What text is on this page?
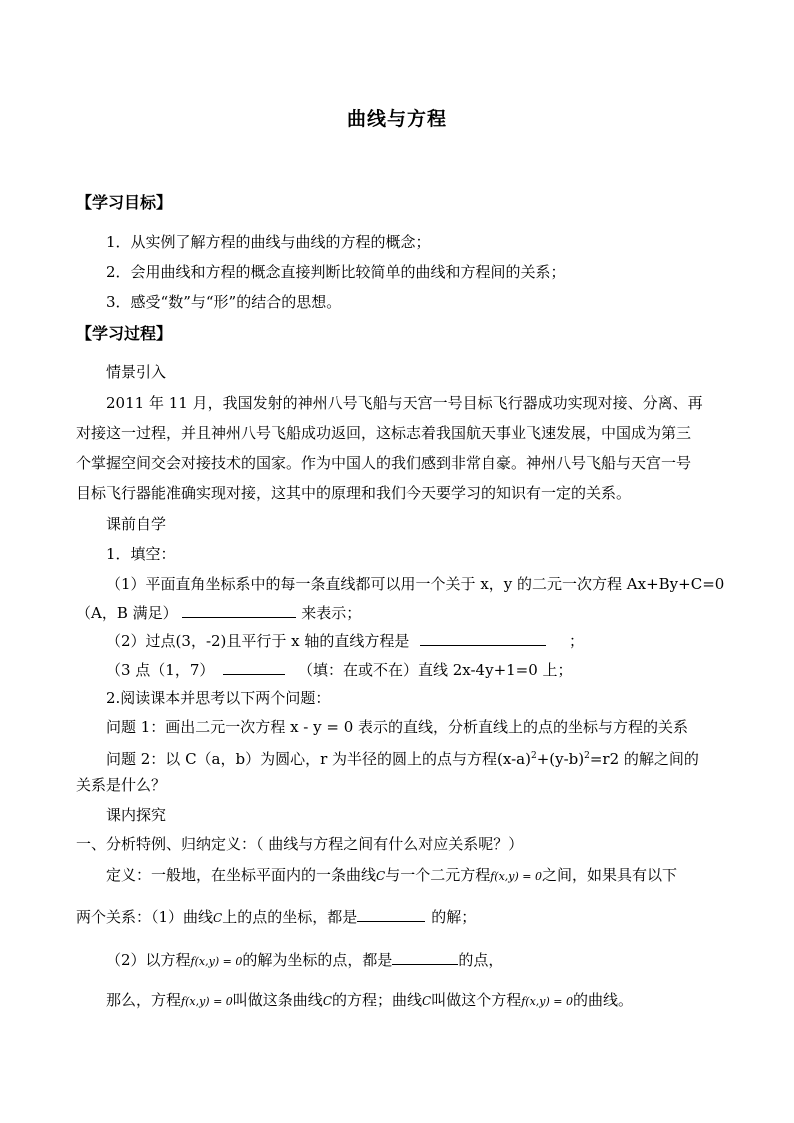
曲线与方程
【学习目标】
1．从实例了解方程的曲线与曲线的方程的概念；
2．会用曲线和方程的概念直接判断比较简单的曲线和方程间的关系；
3．感受“数”与“形”的结合的思想。
【学习过程】
情景引入
2011 年 11 月，我国发射的神州八号飞船与天宫一号目标飞行器成功实现对接、分离、再
对接这一过程，并且神州八号飞船成功返回，这标志着我国航天事业飞速发展，中国成为第三
个掌握空间交会对接技术的国家。作为中国人的我们感到非常自豪。神州八号飞船与天宫一号
目标飞行器能准确实现对接，这其中的原理和我们今天要学习的知识有一定的关系。
课前自学
1．填空：
（1）平面直角坐标系中的每一条直线都可以用一个关于 x，y 的二元一次方程 Ax+By+C=0
（A，B 满足）	来表示；
（2）过点(3，-2)且平行于 x 轴的直线方程是	；
（3 点（1，7）	（填：在或不在）直线 2x-4y+1=0 上；
2.阅读课本并思考以下两个问题：
问题 1：画出二元一次方程 x - y = 0 表示的直线，分析直线上的点的坐标与方程的关系
问题 2：以 C（a，b）为圆心，r 为半径的圆上的点与方程$(x-a)^2+(y-b)^2=r2$ 的解之间的
关系是什么？
课内探究
一、分析特例、归纳定义：（ 曲线与方程之间有什么对应关系呢？）
定义：一般地，在坐标平面内的一条曲线C与一个二元方程f(x,y) = 0之间，如果具有以下
两个关系：（1）曲线C上的点的坐标，都是	的解；
（2）以方程f(x,y) = 0的解为坐标的点，都是	的点，
那么，方程f(x,y) = 0叫做这条曲线C的方程；曲线C叫做这个方程f(x,y) = 0的曲线。
